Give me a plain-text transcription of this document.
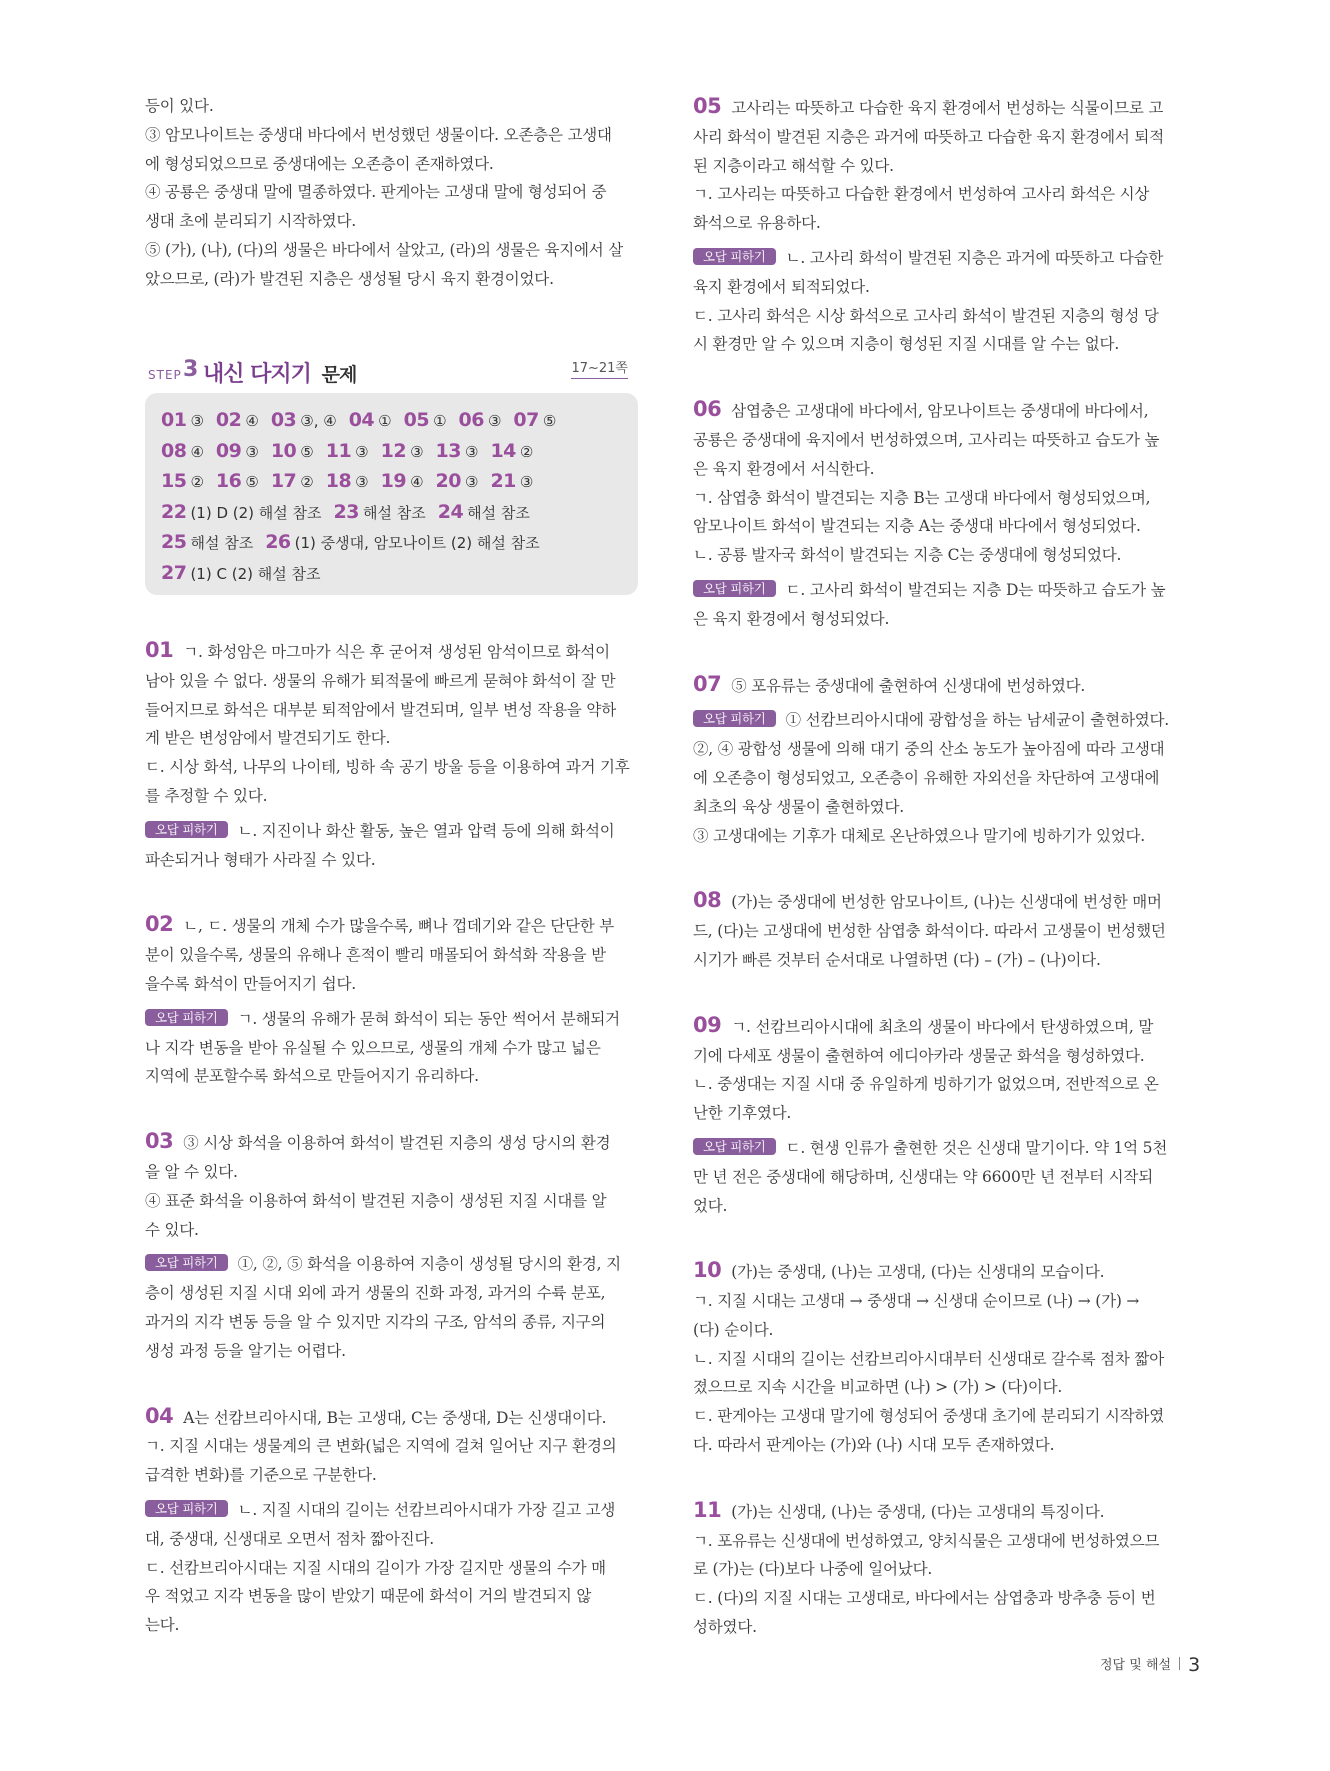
등이 있다.

③ 암모나이트는 중생대 바다에서 번성했던 생물이다. 오존층은 고생대

에 형성되었으므로 중생대에는 오존층이 존재하였다.

④ 공룡은 중생대 말에 멸종하였다. 판게아는 고생대 말에 형성되어 중

생대 초에 분리되기 시작하였다.

⑤ (가), (나), (다)의 생물은 바다에서 살았고, (라)의 생물은 육지에서 살

았으므로, (라)가 발견된 지층은 생성될 당시 육지 환경이었다.

STEP 3 내신 다지기 문제	17~21쪽
01 ③ 02 ④ 03 ③, ④ 04 ① 05 ① 06 ③ 07 ⑤
08 ④ 09 ③ 10 ⑤ 11 ③ 12 ③ 13 ③ 14 ②
15 ② 16 ⑤ 17 ② 18 ③ 19 ④ 20 ③ 21 ③
22 (1) D (2) 해설 참조 23 해설 참조 24 해설 참조
25 해설 참조 26 (1) 중생대, 암모나이트 (2) 해설 참조
27 (1) C (2) 해설 참조

01 ㄱ. 화성암은 마그마가 식은 후 굳어져 생성된 암석이므로 화석이

남아 있을 수 없다. 생물의 유해가 퇴적물에 빠르게 묻혀야 화석이 잘 만

들어지므로 화석은 대부분 퇴적암에서 발견되며, 일부 변성 작용을 약하

게 받은 변성암에서 발견되기도 한다.

ㄷ. 시상 화석, 나무의 나이테, 빙하 속 공기 방울 등을 이용하여 과거 기후

를 추정할 수 있다.

오답 피하기 ㄴ. 지진이나 화산 활동, 높은 열과 압력 등에 의해 화석이

파손되거나 형태가 사라질 수 있다.

02 ㄴ, ㄷ. 생물의 개체 수가 많을수록, 뼈나 껍데기와 같은 단단한 부

분이 있을수록, 생물의 유해나 흔적이 빨리 매몰되어 화석화 작용을 받

을수록 화석이 만들어지기 쉽다.

오답 피하기 ㄱ. 생물의 유해가 묻혀 화석이 되는 동안 썩어서 분해되거

나 지각 변동을 받아 유실될 수 있으므로, 생물의 개체 수가 많고 넓은

지역에 분포할수록 화석으로 만들어지기 유리하다.

03 ③ 시상 화석을 이용하여 화석이 발견된 지층의 생성 당시의 환경

을 알 수 있다.

④ 표준 화석을 이용하여 화석이 발견된 지층이 생성된 지질 시대를 알

수 있다.

오답 피하기 ①, ②, ⑤ 화석을 이용하여 지층이 생성될 당시의 환경, 지

층이 생성된 지질 시대 외에 과거 생물의 진화 과정, 과거의 수륙 분포,

과거의 지각 변동 등을 알 수 있지만 지각의 구조, 암석의 종류, 지구의

생성 과정 등을 알기는 어렵다.

04 A는 선캄브리아시대, B는 고생대, C는 중생대, D는 신생대이다.

ㄱ. 지질 시대는 생물계의 큰 변화(넓은 지역에 걸쳐 일어난 지구 환경의

급격한 변화)를 기준으로 구분한다.

오답 피하기 ㄴ. 지질 시대의 길이는 선캄브리아시대가 가장 길고 고생

대, 중생대, 신생대로 오면서 점차 짧아진다.

ㄷ. 선캄브리아시대는 지질 시대의 길이가 가장 길지만 생물의 수가 매

우 적었고 지각 변동을 많이 받았기 때문에 화석이 거의 발견되지 않

는다.

05 고사리는 따뜻하고 다습한 육지 환경에서 번성하는 식물이므로 고

사리 화석이 발견된 지층은 과거에 따뜻하고 다습한 육지 환경에서 퇴적

된 지층이라고 해석할 수 있다.

ㄱ. 고사리는 따뜻하고 다습한 환경에서 번성하여 고사리 화석은 시상

화석으로 유용하다.

오답 피하기 ㄴ. 고사리 화석이 발견된 지층은 과거에 따뜻하고 다습한

육지 환경에서 퇴적되었다.

ㄷ. 고사리 화석은 시상 화석으로 고사리 화석이 발견된 지층의 형성 당

시 환경만 알 수 있으며 지층이 형성된 지질 시대를 알 수는 없다.

06 삼엽충은 고생대에 바다에서, 암모나이트는 중생대에 바다에서,

공룡은 중생대에 육지에서 번성하였으며, 고사리는 따뜻하고 습도가 높

은 육지 환경에서 서식한다.

ㄱ. 삼엽충 화석이 발견되는 지층 B는 고생대 바다에서 형성되었으며,

암모나이트 화석이 발견되는 지층 A는 중생대 바다에서 형성되었다.

ㄴ. 공룡 발자국 화석이 발견되는 지층 C는 중생대에 형성되었다.

오답 피하기 ㄷ. 고사리 화석이 발견되는 지층 D는 따뜻하고 습도가 높

은 육지 환경에서 형성되었다.

07 ⑤ 포유류는 중생대에 출현하여 신생대에 번성하였다.

오답 피하기 ① 선캄브리아시대에 광합성을 하는 남세균이 출현하였다.

②, ④ 광합성 생물에 의해 대기 중의 산소 농도가 높아짐에 따라 고생대

에 오존층이 형성되었고, 오존층이 유해한 자외선을 차단하여 고생대에

최초의 육상 생물이 출현하였다.

③ 고생대에는 기후가 대체로 온난하였으나 말기에 빙하기가 있었다.

08 (가)는 중생대에 번성한 암모나이트, (나)는 신생대에 번성한 매머

드, (다)는 고생대에 번성한 삼엽충 화석이다. 따라서 고생물이 번성했던

시기가 빠른 것부터 순서대로 나열하면 (다) – (가) – (나)이다.

09 ㄱ. 선캄브리아시대에 최초의 생물이 바다에서 탄생하였으며, 말

기에 다세포 생물이 출현하여 에디아카라 생물군 화석을 형성하였다.

ㄴ. 중생대는 지질 시대 중 유일하게 빙하기가 없었으며, 전반적으로 온

난한 기후였다.

오답 피하기 ㄷ. 현생 인류가 출현한 것은 신생대 말기이다. 약 1억 5천

만 년 전은 중생대에 해당하며, 신생대는 약 6600만 년 전부터 시작되

었다.

10 (가)는 중생대, (나)는 고생대, (다)는 신생대의 모습이다.

ㄱ. 지질 시대는 고생대 → 중생대 → 신생대 순이므로 (나) → (가) →

(다) 순이다.

ㄴ. 지질 시대의 길이는 선캄브리아시대부터 신생대로 갈수록 점차 짧아

졌으므로 지속 시간을 비교하면 (나) > (가) > (다)이다.

ㄷ. 판게아는 고생대 말기에 형성되어 중생대 초기에 분리되기 시작하였

다. 따라서 판게아는 (가)와 (나) 시대 모두 존재하였다.

11 (가)는 신생대, (나)는 중생대, (다)는 고생대의 특징이다.

ㄱ. 포유류는 신생대에 번성하였고, 양치식물은 고생대에 번성하였으므

로 (가)는 (다)보다 나중에 일어났다.

ㄷ. (다)의 지질 시대는 고생대로, 바다에서는 삼엽충과 방추충 등이 번

성하였다.

정답 및 해설 3
